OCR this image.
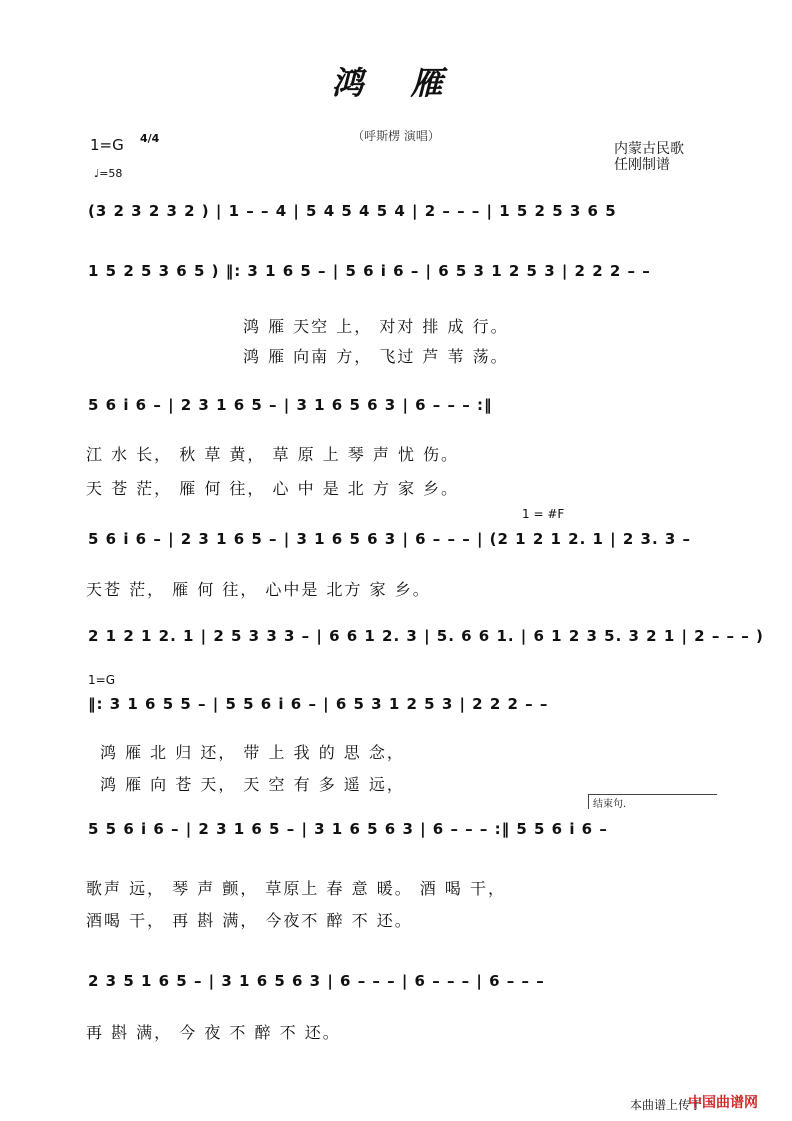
鸿 雁
1=G 4/4
♩=58
（呼斯楞 演唱）
内蒙古民歌
任刚制谱
(3 2 3 2 3 2 ) | 1 – – 4 | 5 4 5 4 5 4 | 2 – – – | 1 5 2 5 3 6 5
1 5 2 5 3 6 5 ) ‖: 3 1 6 5 – | 5 6 i 6 – | 6 5 3 1 2 5 3 | 2 2 2 – –
鸿 雁 天空 上， 对对 排 成 行。
鸿 雁 向南 方， 飞过 芦 苇 荡。
5 6 i 6 – | 2 3 1 6 5 – | 3 1 6 5 6 3 | 6 – – – :‖
江 水 长， 秋 草 黄， 草 原 上 琴 声 忧 伤。
天 苍 茫， 雁 何 往， 心 中 是 北 方 家 乡。
1 = #F
5 6 i 6 – | 2 3 1 6 5 – | 3 1 6 5 6 3 | 6 – – – | (2 1 2 1 2. 1 | 2 3. 3 –
天苍 茫， 雁 何 往， 心中是 北方 家 乡。
2 1 2 1 2. 1 | 2 5 3 3 3 – | 6 6 1 2. 3 | 5. 6 6 1. | 6 1 2 3 5. 3 2 1 | 2 – – – )
1=G
‖: 3 1 6 5 5 – | 5 5 6 i 6 – | 6 5 3 1 2 5 3 | 2 2 2 – –
鸿 雁 北 归 还， 带 上 我 的 思 念，
鸿 雁 向 苍 天， 天 空 有 多 遥 远，
结束句.
5 5 6 i 6 – | 2 3 1 6 5 – | 3 1 6 5 6 3 | 6 – – – :‖ 5 5 6 i 6 –
歌声 远， 琴 声 颤， 草原上 春 意 暖。 酒 喝 干，
酒喝 干， 再 斟 满， 今夜不 醉 不 还。
2 3 5 1 6 5 – | 3 1 6 5 6 3 | 6 – – – | 6 – – – | 6 – – –
再 斟 满， 今 夜 不 醉 不 还。
本曲谱上传于
中国曲谱网
